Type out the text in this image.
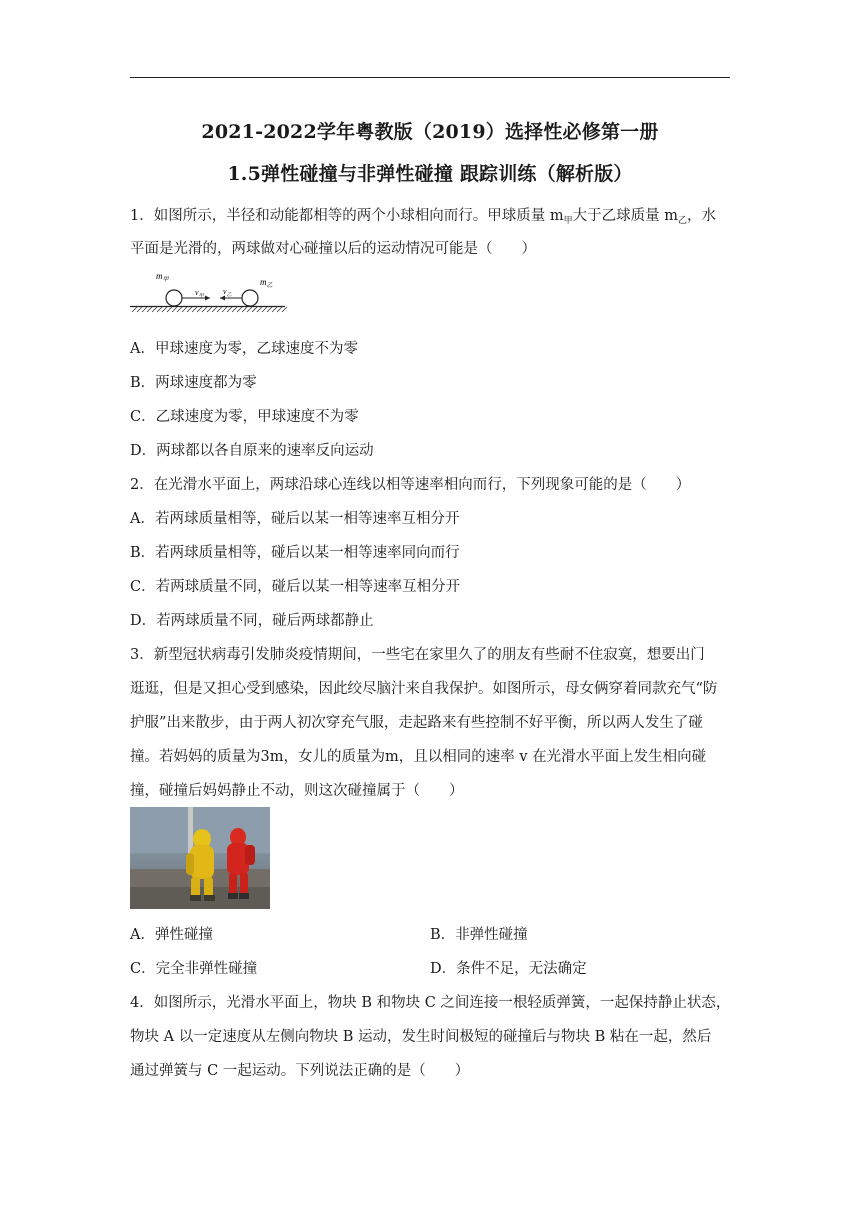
2021-2022学年粤教版（2019）选择性必修第一册
1.5弹性碰撞与非弹性碰撞 跟踪训练（解析版）
1．如图所示，半径和动能都相等的两个小球相向而行。甲球质量 $m_甲$大于乙球质量 $m_乙$，水
平面是光滑的，两球做对心碰撞以后的运动情况可能是（　　）
$m_甲$
$v_甲$
$v_乙$
$m_乙$
A．甲球速度为零，乙球速度不为零
B．两球速度都为零
C．乙球速度为零，甲球速度不为零
D．两球都以各自原来的速率反向运动
2．在光滑水平面上，两球沿球心连线以相等速率相向而行，下列现象可能的是（　　）
A．若两球质量相等，碰后以某一相等速率互相分开
B．若两球质量相等，碰后以某一相等速率同向而行
C．若两球质量不同，碰后以某一相等速率互相分开
D．若两球质量不同，碰后两球都静止
3．新型冠状病毒引发肺炎疫情期间，一些宅在家里久了的朋友有些耐不住寂寞，想要出门
逛逛，但是又担心受到感染，因此绞尽脑汁来自我保护。如图所示，母女俩穿着同款充气“防
护服”出来散步，由于两人初次穿充气服，走起路来有些控制不好平衡，所以两人发生了碰
撞。若妈妈的质量为3m，女儿的质量为m，且以相同的速率 v 在光滑水平面上发生相向碰
撞，碰撞后妈妈静止不动，则这次碰撞属于（　　）
A．弹性碰撞	B．非弹性碰撞
C．完全非弹性碰撞	D．条件不足，无法确定
4．如图所示，光滑水平面上，物块 B 和物块 C 之间连接一根轻质弹簧，一起保持静止状态，
物块 A 以一定速度从左侧向物块 B 运动，发生时间极短的碰撞后与物块 B 粘在一起，然后
通过弹簧与 C 一起运动。下列说法正确的是（　　）
